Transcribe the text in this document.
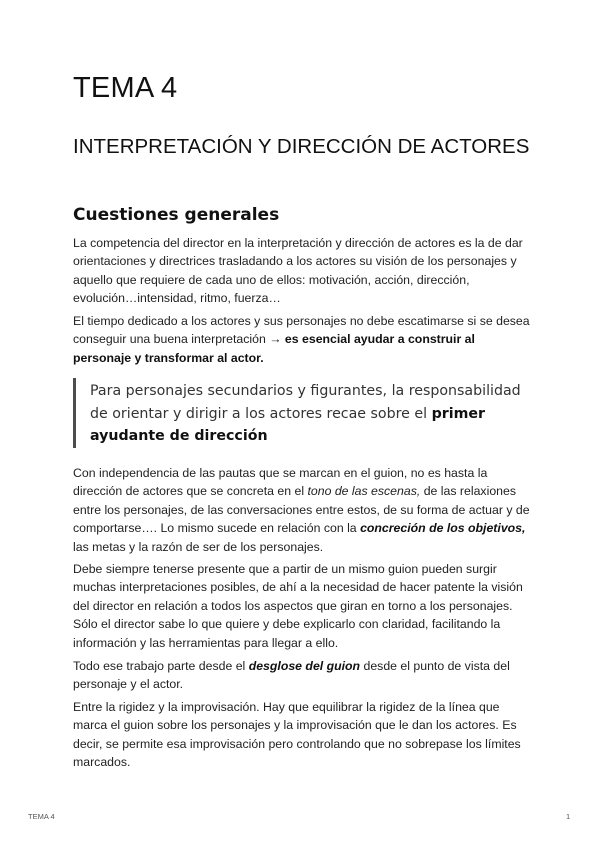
TEMA 4
INTERPRETACIÓN Y DIRECCIÓN DE ACTORES
Cuestiones generales

La competencia del director en la interpretación y dirección de actores es la de dar orientaciones y directrices trasladando a los actores su visión de los personajes y aquello que requiere de cada uno de ellos: motivación, acción, dirección, evolución…intensidad, ritmo, fuerza…

El tiempo dedicado a los actores y sus personajes no debe escatimarse si se desea conseguir una buena interpretación → es esencial ayudar a construir al personaje y transformar al actor.

Para personajes secundarios y figurantes, la responsabilidad de orientar y dirigir a los actores recae sobre el primer ayudante de dirección

Con independencia de las pautas que se marcan en el guion, no es hasta la dirección de actores que se concreta en el tono de las escenas, de las relaxiones entre los personajes, de las conversaciones entre estos, de su forma de actuar y de comportarse…. Lo mismo sucede en relación con la concreción de los objetivos, las metas y la razón de ser de los personajes.

Debe siempre tenerse presente que a partir de un mismo guion pueden surgir muchas interpretaciones posibles, de ahí a la necesidad de hacer patente la visión del director en relación a todos los aspectos que giran en torno a los personajes. Sólo el director sabe lo que quiere y debe explicarlo con claridad, facilitando la información y las herramientas para llegar a ello.

Todo ese trabajo parte desde el desglose del guion desde el punto de vista del personaje y el actor.

Entre la rigidez y la improvisación. Hay que equilibrar la rigidez de la línea que marca el guion sobre los personajes y la improvisación que le dan los actores. Es decir, se permite esa improvisación pero controlando que no sobrepase los límites marcados.

TEMA 4	1
